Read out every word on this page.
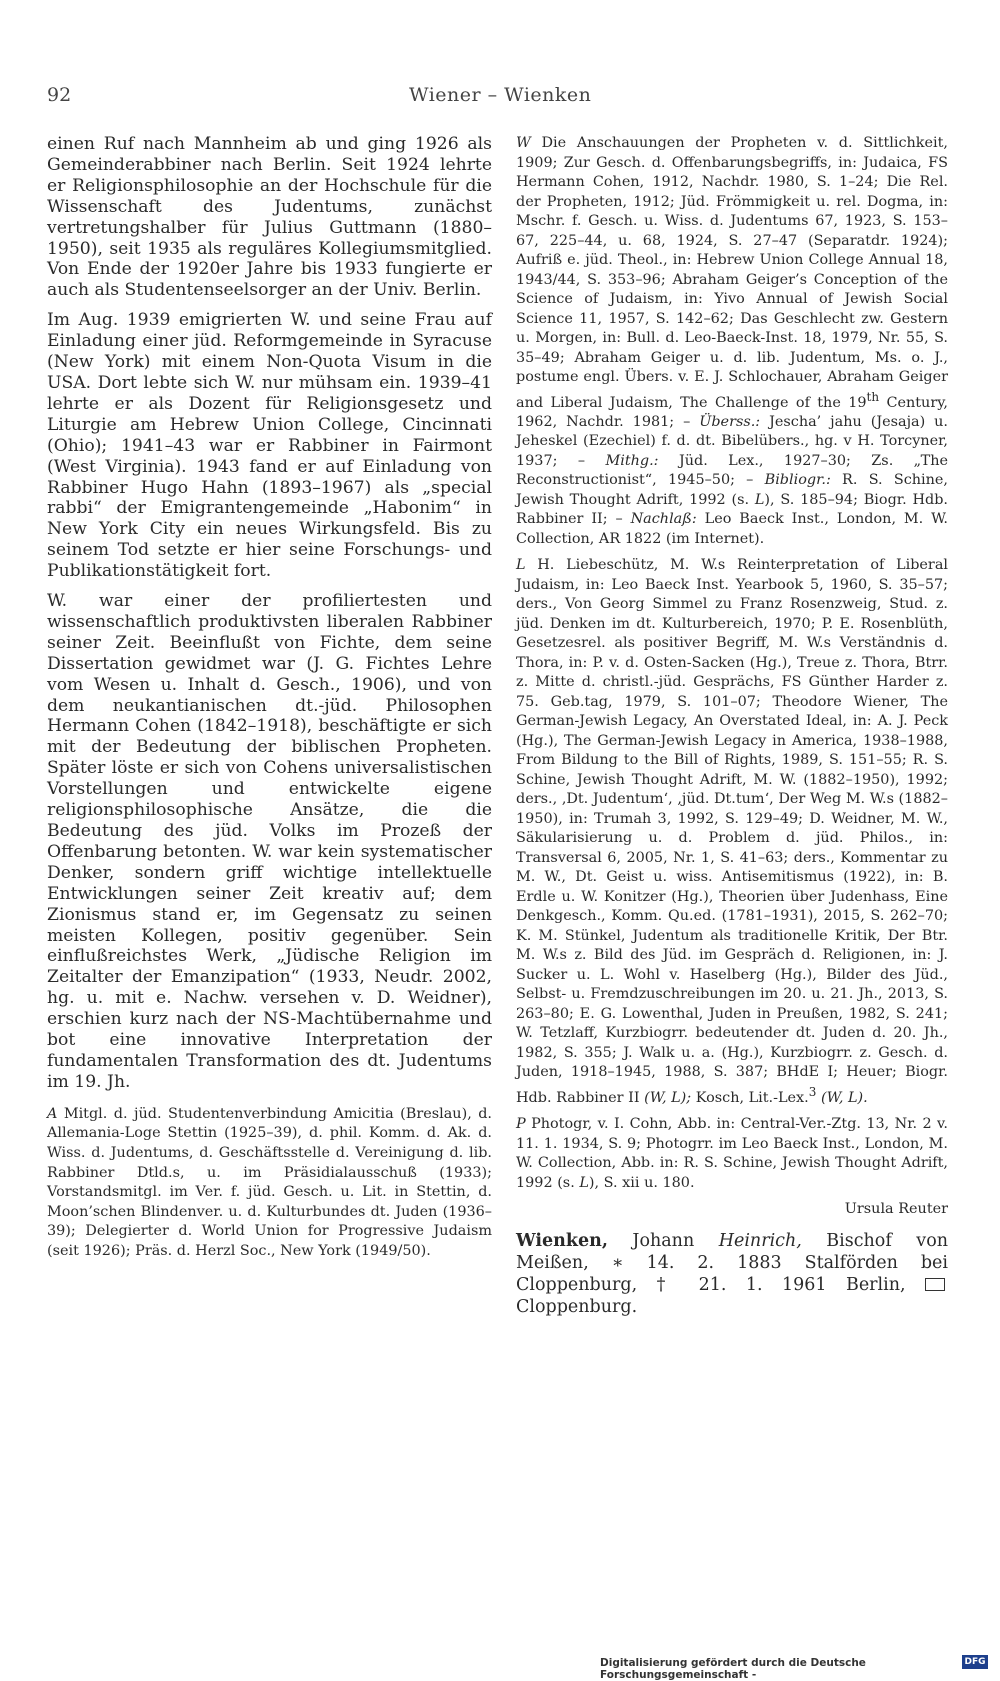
92	Wiener – Wienken

einen Ruf nach Mannheim ab und ging 1926 als Gemeinderabbiner nach Berlin. Seit 1924 lehrte er Religionsphilosophie an der Hochschule für die Wissenschaft des Judentums, zunächst vertretungshalber für Julius Guttmann (1880–1950), seit 1935 als reguläres Kollegiumsmitglied. Von Ende der 1920er Jahre bis 1933 fungierte er auch als Studentenseelsorger an der Univ. Berlin.

Im Aug. 1939 emigrierten W. und seine Frau auf Einladung einer jüd. Reformgemeinde in Syracuse (New York) mit einem Non-Quota Visum in die USA. Dort lebte sich W. nur mühsam ein. 1939–41 lehrte er als Dozent für Religionsgesetz und Liturgie am Hebrew Union College, Cincinnati (Ohio); 1941–43 war er Rabbiner in Fairmont (West Virginia). 1943 fand er auf Einladung von Rabbiner Hugo Hahn (1893–1967) als „special rabbi“ der Emigrantengemeinde „Habonim“ in New York City ein neues Wirkungsfeld. Bis zu seinem Tod setzte er hier seine Forschungs- und Publikationstätigkeit fort.

W. war einer der profiliertesten und wissenschaftlich produktivsten liberalen Rabbiner seiner Zeit. Beeinflußt von Fichte, dem seine Dissertation gewidmet war (J. G. Fichtes Lehre vom Wesen u. Inhalt d. Gesch., 1906), und von dem neukantianischen dt.-jüd. Philosophen Hermann Cohen (1842–1918), beschäftigte er sich mit der Bedeutung der biblischen Propheten. Später löste er sich von Cohens universalistischen Vorstellungen und entwickelte eigene religionsphilosophische Ansätze, die die Bedeutung des jüd. Volks im Prozeß der Offenbarung betonten. W. war kein systematischer Denker, sondern griff wichtige intellektuelle Entwicklungen seiner Zeit kreativ auf; dem Zionismus stand er, im Gegensatz zu seinen meisten Kollegen, positiv gegenüber. Sein einflußreichstes Werk, „Jüdische Religion im Zeitalter der Emanzipation“ (1933, Neudr. 2002, hg. u. mit e. Nachw. versehen v. D. Weidner), erschien kurz nach der NS-Machtübernahme und bot eine innovative Interpretation der fundamentalen Transformation des dt. Judentums im 19. Jh.

A Mitgl. d. jüd. Studentenverbindung Amicitia (Breslau), d. Allemania-Loge Stettin (1925–39), d. phil. Komm. d. Ak. d. Wiss. d. Judentums, d. Geschäftsstelle d. Vereinigung d. lib. Rabbiner Dtld.s, u. im Präsidialausschuß (1933); Vorstandsmitgl. im Ver. f. jüd. Gesch. u. Lit. in Stettin, d. Moon’schen Blindenver. u. d. Kulturbundes dt. Juden (1936–39); Delegierter d. World Union for Progressive Judaism (seit 1926); Präs. d. Herzl Soc., New York (1949/50).

W Die Anschauungen der Propheten v. d. Sittlichkeit, 1909; Zur Gesch. d. Offenbarungsbegriffs, in: Judaica, FS Hermann Cohen, 1912, Nachdr. 1980, S. 1–24; Die Rel. der Propheten, 1912; Jüd. Frömmigkeit u. rel. Dogma, in: Mschr. f. Gesch. u. Wiss. d. Judentums 67, 1923, S. 153–67, 225–44, u. 68, 1924, S. 27–47 (Separatdr. 1924); Aufriß e. jüd. Theol., in: Hebrew Union College Annual 18, 1943/44, S. 353–96; Abraham Geiger’s Conception of the Science of Judaism, in: Yivo Annual of Jewish Social Science 11, 1957, S. 142–62; Das Geschlecht zw. Gestern u. Morgen, in: Bull. d. Leo-Baeck-Inst. 18, 1979, Nr. 55, S. 35–49; Abraham Geiger u. d. lib. Judentum, Ms. o. J., postume engl. Übers. v. E. J. Schlochauer, Abraham Geiger and Liberal Judaism, The Challenge of the 19th Century, 1962, Nachdr. 1981; – Überss.: Jescha’ jahu (Jesaja) u. Jeheskel (Ezechiel) f. d. dt. Bibelübers., hg. v H. Torcyner, 1937; – Mithg.: Jüd. Lex., 1927–30; Zs. „The Reconstructionist“, 1945–50; – Bibliogr.: R. S. Schine, Jewish Thought Adrift, 1992 (s. L), S. 185–94; Biogr. Hdb. Rabbiner II; – Nachlaß: Leo Baeck Inst., London, M. W. Collection, AR 1822 (im Internet).

L H. Liebeschütz, M. W.s Reinterpretation of Liberal Judaism, in: Leo Baeck Inst. Yearbook 5, 1960, S. 35–57; ders., Von Georg Simmel zu Franz Rosenzweig, Stud. z. jüd. Denken im dt. Kulturbereich, 1970; P. E. Rosenblüth, Gesetzesrel. als positiver Begriff, M. W.s Verständnis d. Thora, in: P. v. d. Osten-Sacken (Hg.), Treue z. Thora, Btrr. z. Mitte d. christl.-jüd. Gesprächs, FS Günther Harder z. 75. Geb.tag, 1979, S. 101–07; Theodore Wiener, The German-Jewish Legacy, An Overstated Ideal, in: A. J. Peck (Hg.), The German-Jewish Legacy in America, 1938–1988, From Bildung to the Bill of Rights, 1989, S. 151–55; R. S. Schine, Jewish Thought Adrift, M. W. (1882–1950), 1992; ders., ‚Dt. Judentum‘, ‚jüd. Dt.tum‘, Der Weg M. W.s (1882–1950), in: Trumah 3, 1992, S. 129–49; D. Weidner, M. W., Säkularisierung u. d. Problem d. jüd. Philos., in: Transversal 6, 2005, Nr. 1, S. 41–63; ders., Kommentar zu M. W., Dt. Geist u. wiss. Antisemitismus (1922), in: B. Erdle u. W. Konitzer (Hg.), Theorien über Judenhass, Eine Denkgesch., Komm. Qu.ed. (1781–1931), 2015, S. 262–70; K. M. Stünkel, Judentum als traditionelle Kritik, Der Btr. M. W.s z. Bild des Jüd. im Gespräch d. Religionen, in: J. Sucker u. L. Wohl v. Haselberg (Hg.), Bilder des Jüd., Selbst- u. Fremdzuschreibungen im 20. u. 21. Jh., 2013, S. 263–80; E. G. Lowenthal, Juden in Preußen, 1982, S. 241; W. Tetzlaff, Kurzbiogrr. bedeutender dt. Juden d. 20. Jh., 1982, S. 355; J. Walk u. a. (Hg.), Kurzbiogrr. z. Gesch. d. Juden, 1918–1945, 1988, S. 387; BHdE I; Heuer; Biogr. Hdb. Rabbiner II (W, L); Kosch, Lit.-Lex.$^3$ (W, L).

P Photogr, v. I. Cohn, Abb. in: Central-Ver.-Ztg. 13, Nr. 2 v. 11. 1. 1934, S. 9; Photogrr. im Leo Baeck Inst., London, M. W. Collection, Abb. in: R. S. Schine, Jewish Thought Adrift, 1992 (s. L), S. xii u. 180.

Ursula Reuter

Wienken, Johann Heinrich, Bischof von Meißen, ∗ 14. 2. 1883 Stalförden bei Cloppenburg, † 21. 1. 1961 Berlin, Cloppenburg.

Digitalisierung gefördert durch die Deutsche Forschungsgemeinschaft -
DFG
